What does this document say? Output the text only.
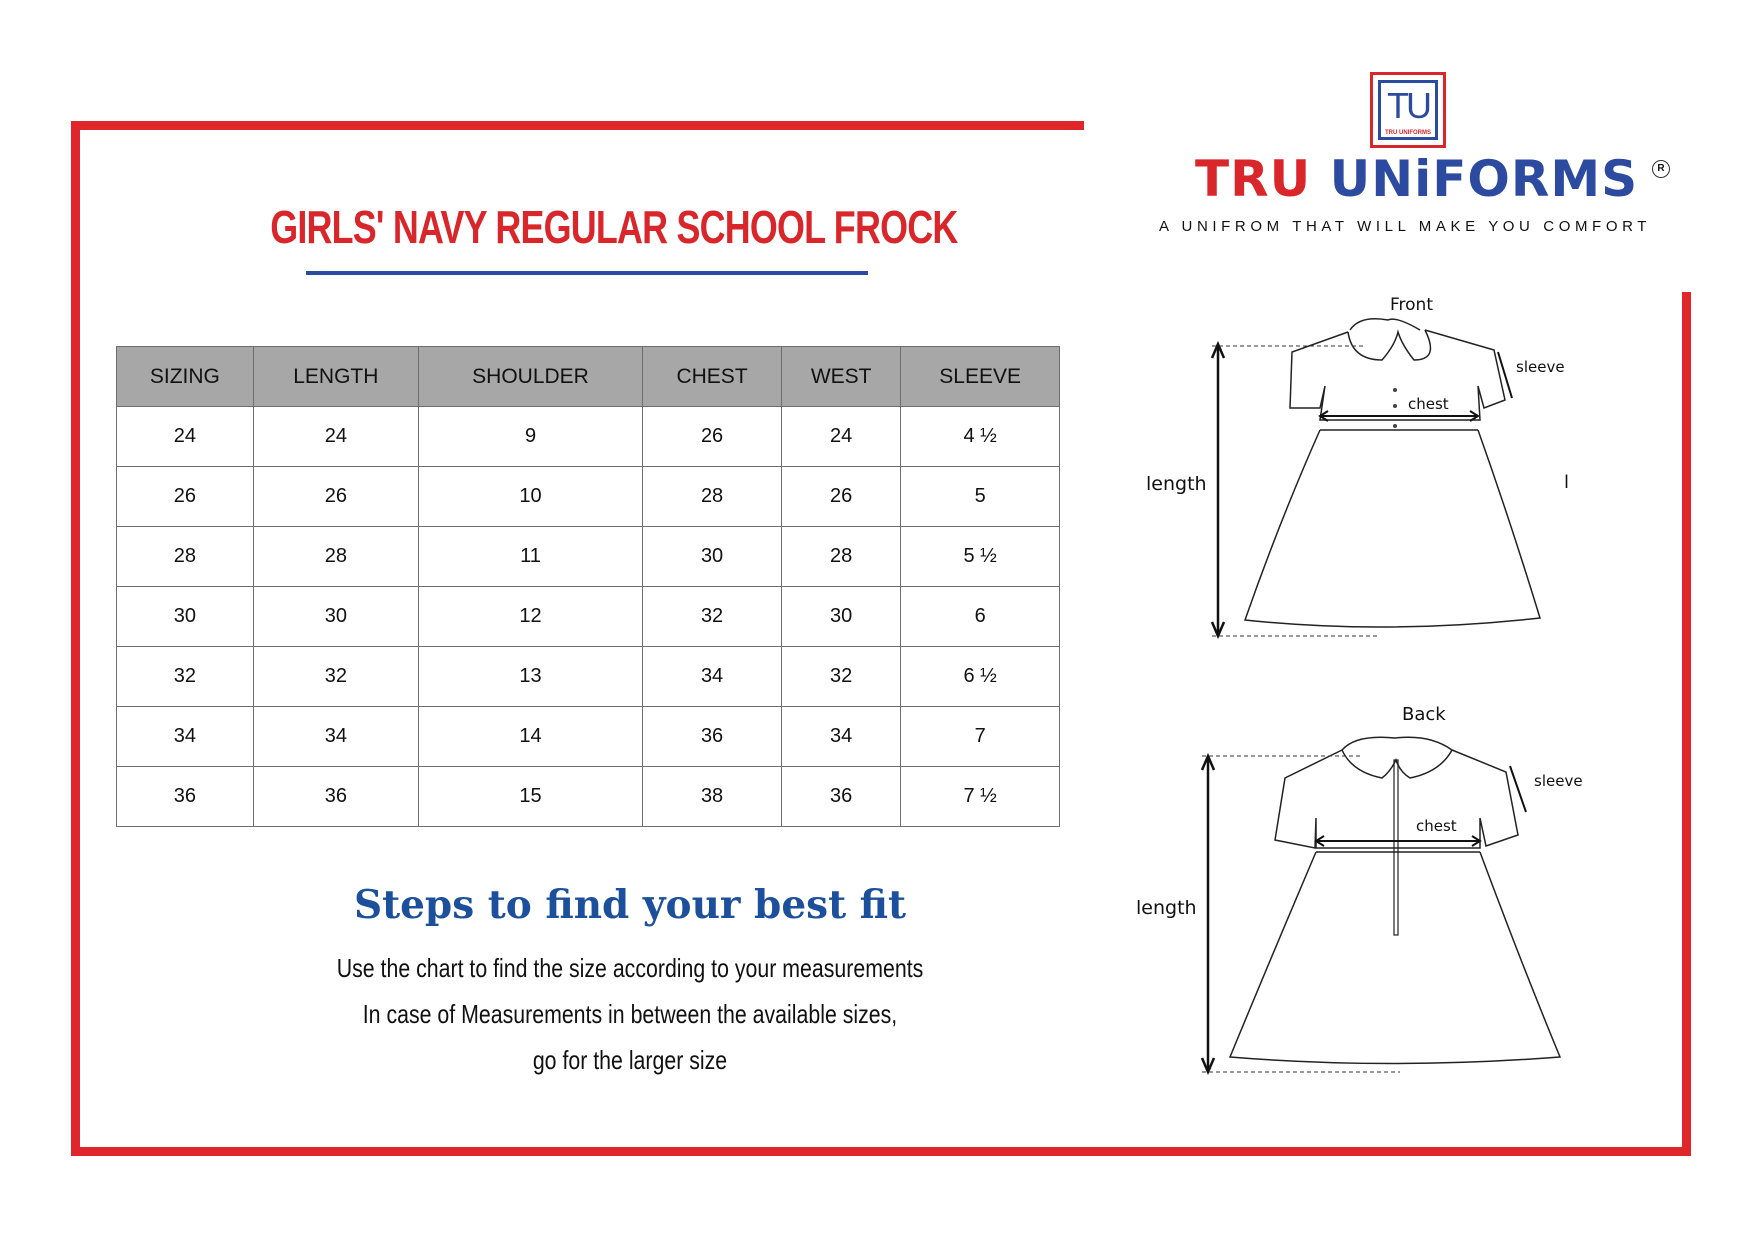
GIRLS' NAVY REGULAR SCHOOL FROCK
SIZING	LENGTH	SHOULDER	CHEST	WEST	SLEEVE
24	24	9	26	24	4 ½
26	26	10	28	26	5
28	28	11	30	28	5 ½
30	30	12	32	30	6
32	32	13	34	32	6 ½
34	34	14	36	34	7
36	36	15	38	36	7 ½
Steps to find your best fit
Use the chart to find the size according to your measurements
In case of Measurements in between the available sizes,
go for the larger size
TU
TRU UNIFORMS
TRU UNiFORMS	R
A UNIFROM THAT WILL MAKE YOU COMFORT
Front
length
chest
sleeve
l
Back
length
chest
sleeve
